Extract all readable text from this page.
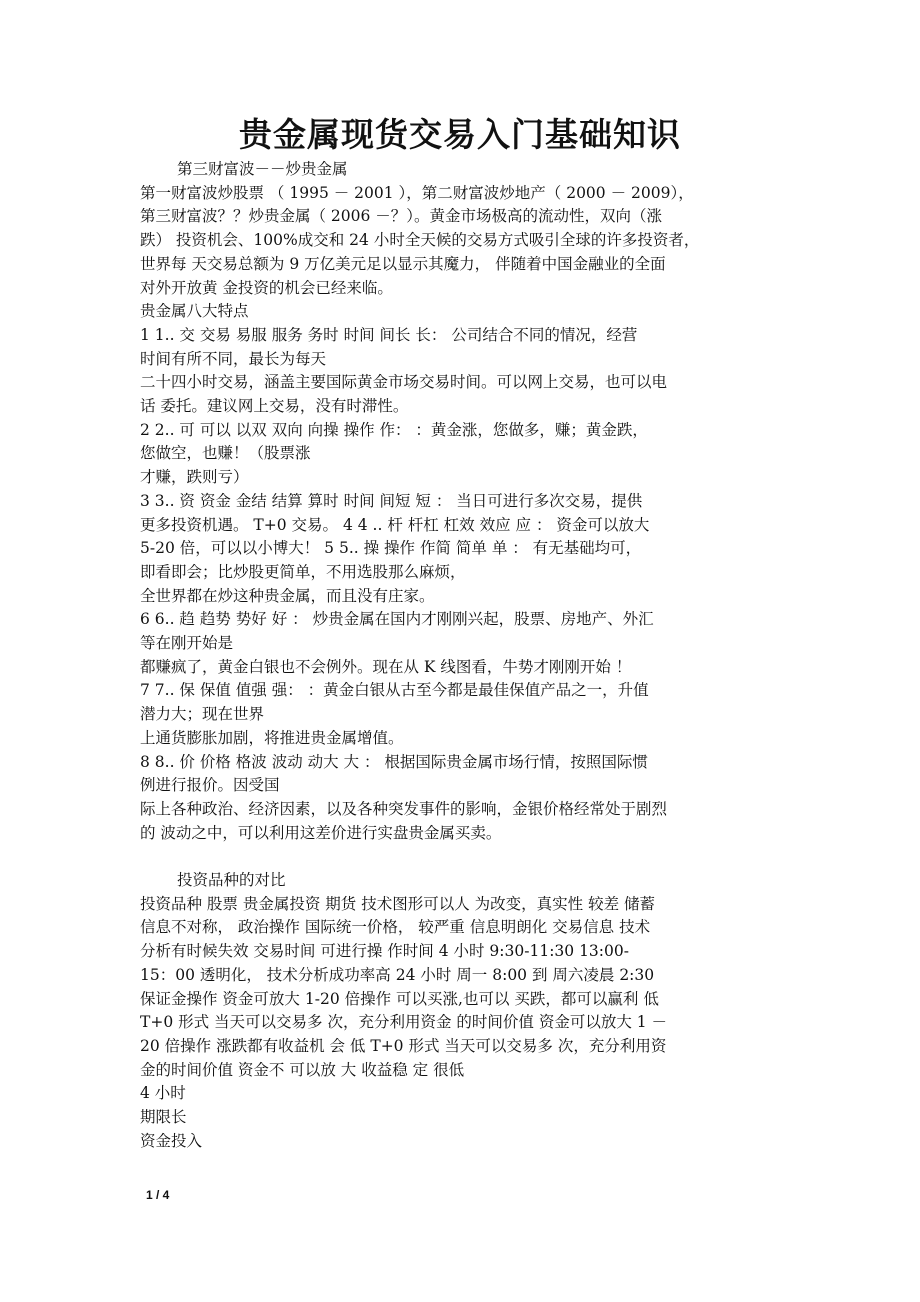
贵金属现货交易入门基础知识
第三财富波－－炒贵金属
第一财富波炒股票 （ 1995 － 2001 ），第二财富波炒地产（ 2000 － 2009），
第三财富波？？炒贵金属（ 2006 －？）。黄金市场极高的流动性，双向（涨
跌） 投资机会、100%成交和 24 小时全天候的交易方式吸引全球的许多投资者，
世界每 天交易总额为 9 万亿美元足以显示其魔力， 伴随着中国金融业的全面
对外开放黄 金投资的机会已经来临。
贵金属八大特点
1 1.. 交 交易 易服 服务 务时 时间 间长 长： 公司结合不同的情况，经营
时间有所不同，最长为每天
二十四小时交易，涵盖主要国际黄金市场交易时间。可以网上交易，也可以电
话 委托。建议网上交易，没有时滞性。
2 2.. 可 可以 以双 双向 向操 操作 作： ：黄金涨，您做多，赚；黄金跌，
您做空，也赚！（股票涨
才赚，跌则亏）
3 3.. 资 资金 金结 结算 算时 时间 间短 短 ： 当日可进行多次交易，提供
更多投资机遇。 T+0 交易。 4 4 .. 杆 杆杠 杠效 效应 应 ： 资金可以放大
5-20 倍，可以以小博大！ 5 5.. 操 操作 作简 简单 单 ： 有无基础均可，
即看即会；比炒股更简单，不用选股那么麻烦，
全世界都在炒这种贵金属，而且没有庄家。
6 6.. 趋 趋势 势好 好 ： 炒贵金属在国内才刚刚兴起，股票、房地产、外汇
等在刚开始是
都赚疯了，黄金白银也不会例外。现在从 K 线图看，牛势才刚刚开始 ！
7 7.. 保 保值 值强 强： ：黄金白银从古至今都是最佳保值产品之一，升值
潜力大；现在世界
上通货膨胀加剧，将推进贵金属增值。
8 8.. 价 价格 格波 波动 动大 大 ： 根据国际贵金属市场行情，按照国际惯
例进行报价。因受国
际上各种政治、经济因素，以及各种突发事件的影响，金银价格经常处于剧烈
的 波动之中，可以利用这差价进行实盘贵金属买卖。
投资品种的对比
投资品种 股票 贵金属投资 期货 技术图形可以人 为改变，真实性 较差 储蓄
信息不对称， 政治操作 国际统一价格， 较严重 信息明朗化 交易信息 技术
分析有时候失效 交易时间 可进行操 作时间 4 小时 9:30-11:30 13:00-
15：00 透明化， 技术分析成功率高 24 小时 周一 8:00 到 周六凌晨 2:30
保证金操作 资金可放大 1-20 倍操作 可以买涨,也可以 买跌，都可以赢利 低
T+0 形式 当天可以交易多 次，充分利用资金 的时间价值 资金可以放大 1 －
20 倍操作 涨跌都有收益机 会 低 T+0 形式 当天可以交易多 次，充分利用资
金的时间价值 资金不 可以放 大 收益稳 定 很低
4 小时
期限长
资金投入
1 / 4
